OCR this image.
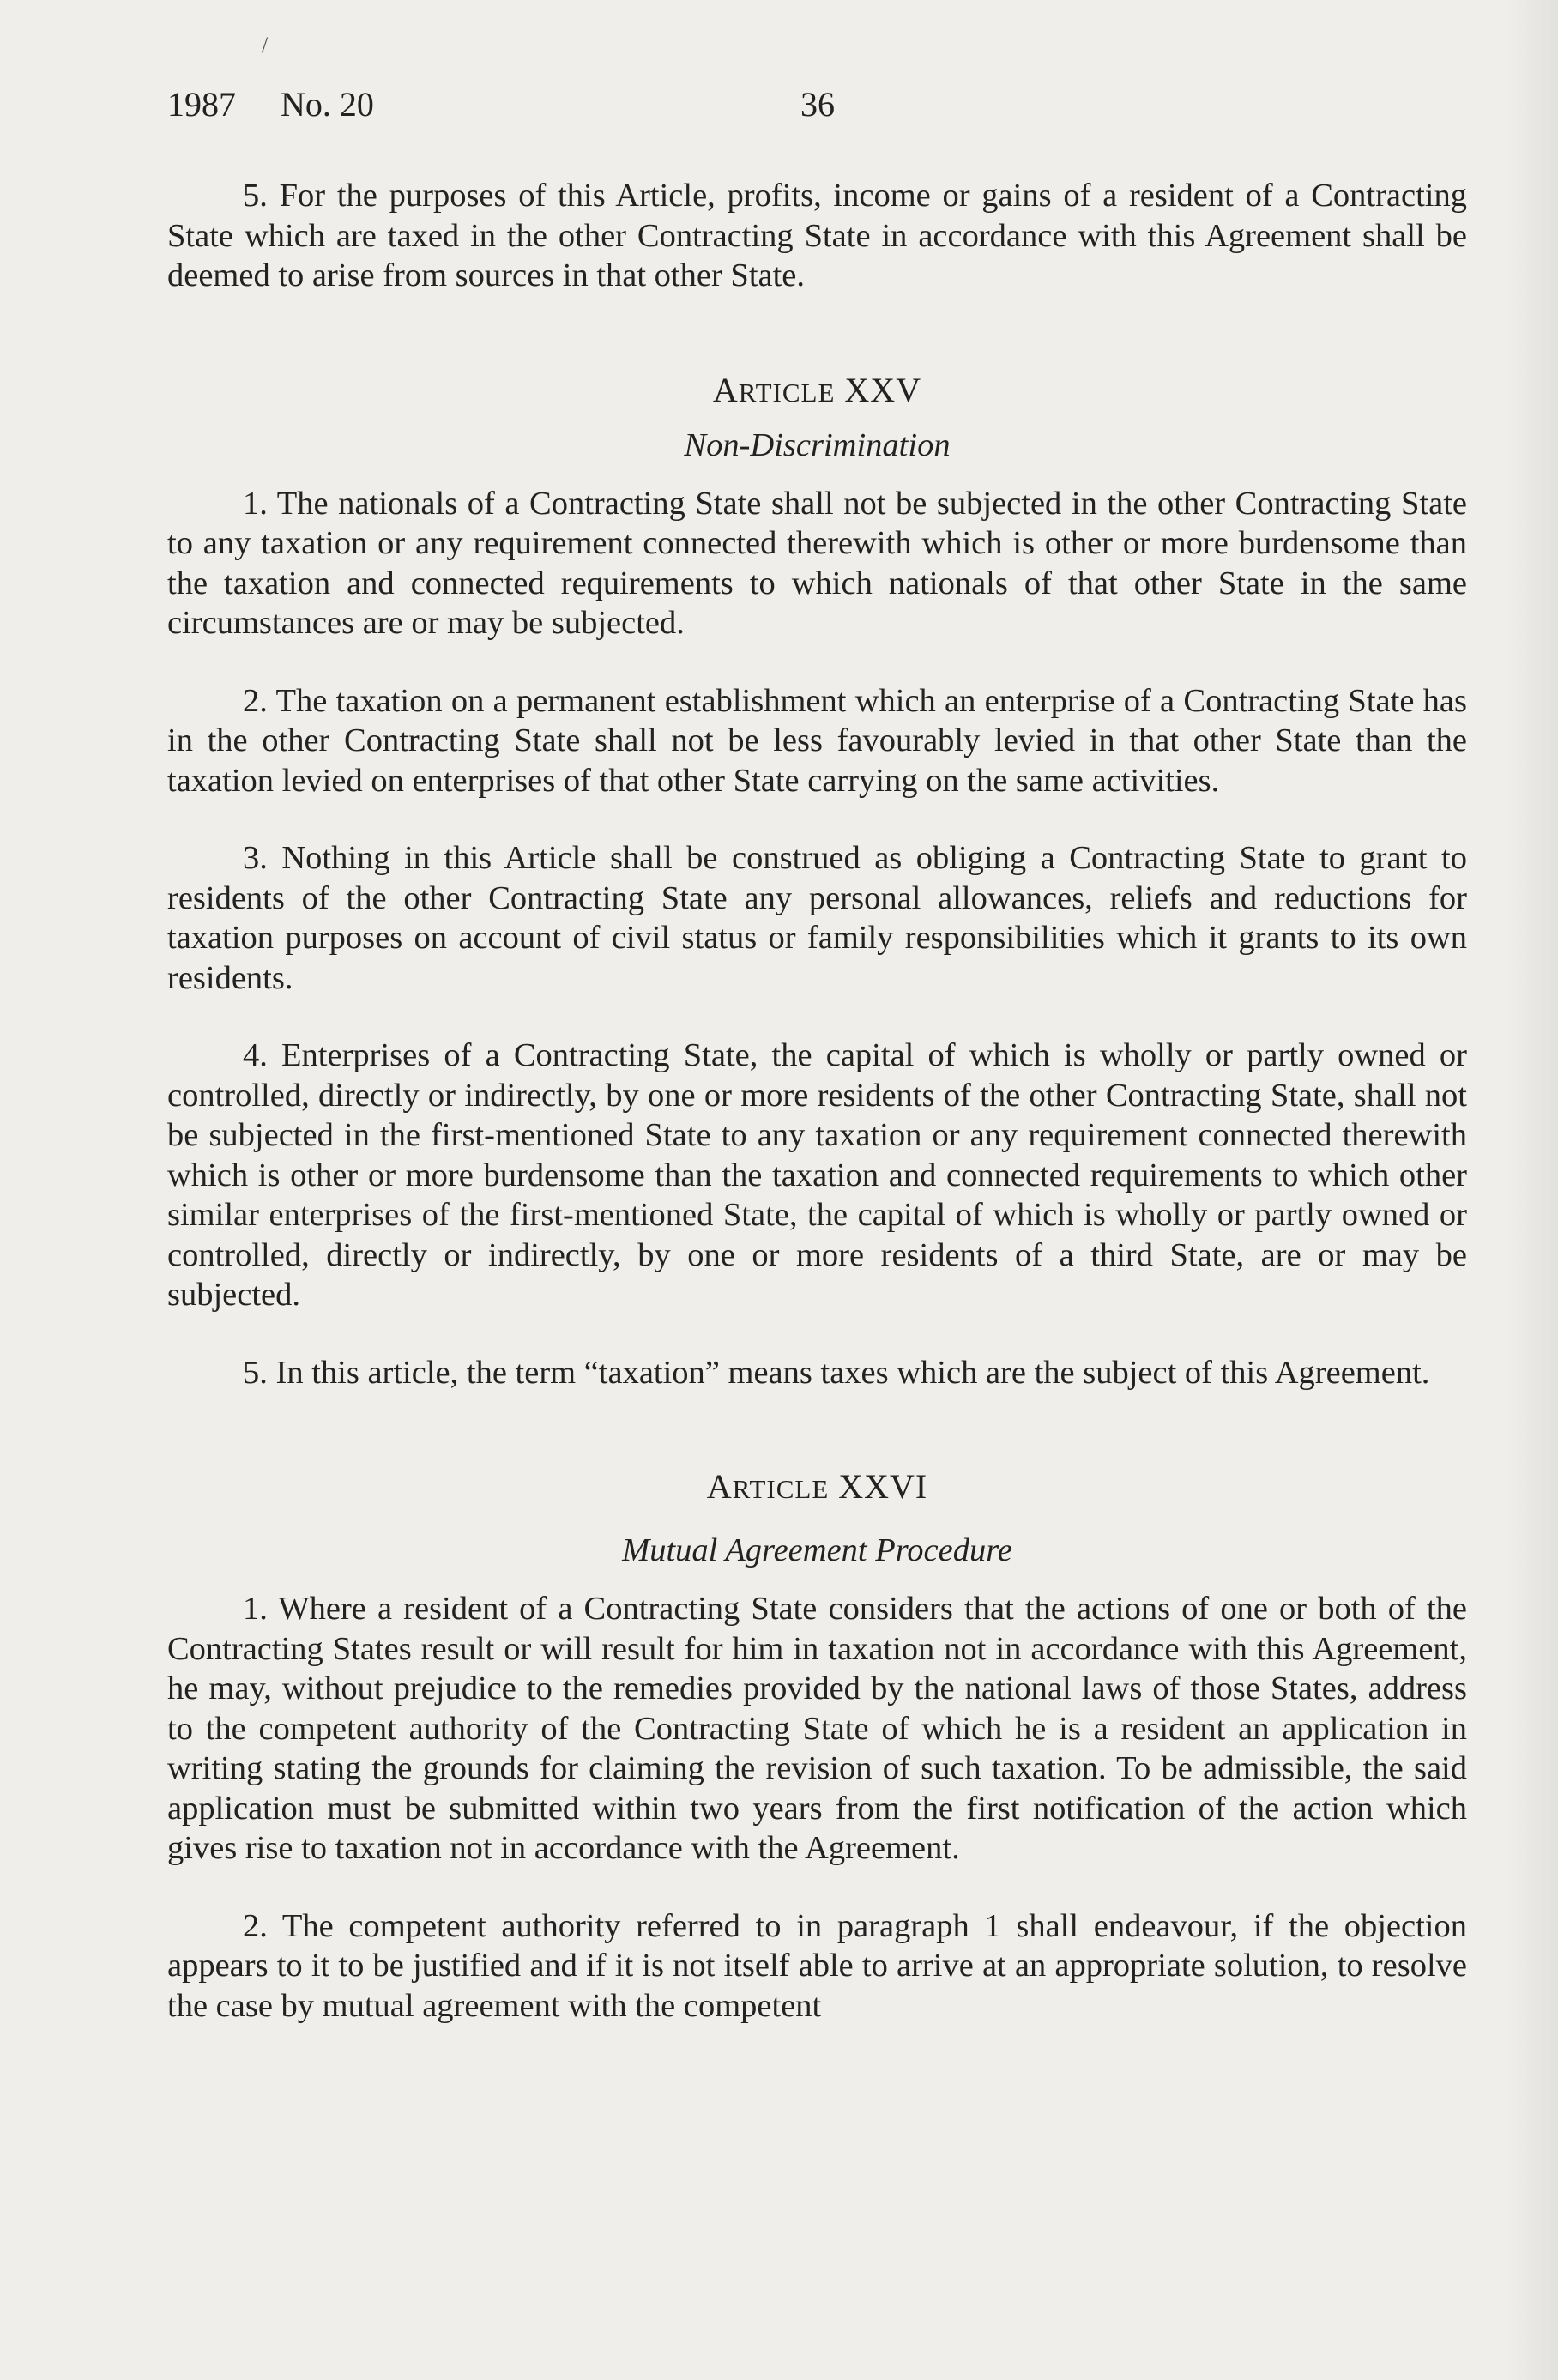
/
1987 No. 20	36

5. For the purposes of this Article, profits, income or gains of a resident of a Contracting State which are taxed in the other Contracting State in accordance with this Agreement shall be deemed to arise from sources in that other State.

ARTICLE XXV
Non-Discrimination

1. The nationals of a Contracting State shall not be subjected in the other Contracting State to any taxation or any requirement connected therewith which is other or more burdensome than the taxation and connected requirements to which nationals of that other State in the same circumstances are or may be subjected.

2. The taxation on a permanent establishment which an enterprise of a Contracting State has in the other Contracting State shall not be less favourably levied in that other State than the taxation levied on enterprises of that other State carrying on the same activities.

3. Nothing in this Article shall be construed as obliging a Contracting State to grant to residents of the other Contracting State any personal allowances, reliefs and reductions for taxation purposes on account of civil status or family responsibilities which it grants to its own residents.

4. Enterprises of a Contracting State, the capital of which is wholly or partly owned or controlled, directly or indirectly, by one or more residents of the other Contracting State, shall not be subjected in the first-mentioned State to any taxation or any requirement connected therewith which is other or more burdensome than the taxation and connected requirements to which other similar enterprises of the first-mentioned State, the capital of which is wholly or partly owned or controlled, directly or indirectly, by one or more residents of a third State, are or may be subjected.

5. In this article, the term “taxation” means taxes which are the subject of this Agreement.

ARTICLE XXVI
Mutual Agreement Procedure

1. Where a resident of a Contracting State considers that the actions of one or both of the Contracting States result or will result for him in taxation not in accordance with this Agreement, he may, without prejudice to the remedies provided by the national laws of those States, address to the competent authority of the Contracting State of which he is a resident an application in writing stating the grounds for claiming the revision of such taxation. To be admissible, the said application must be submitted within two years from the first notification of the action which gives rise to taxation not in accordance with the Agreement.

2. The competent authority referred to in paragraph 1 shall endeavour, if the objection appears to it to be justified and if it is not itself able to arrive at an appropriate solution, to resolve the case by mutual agreement with the competent
